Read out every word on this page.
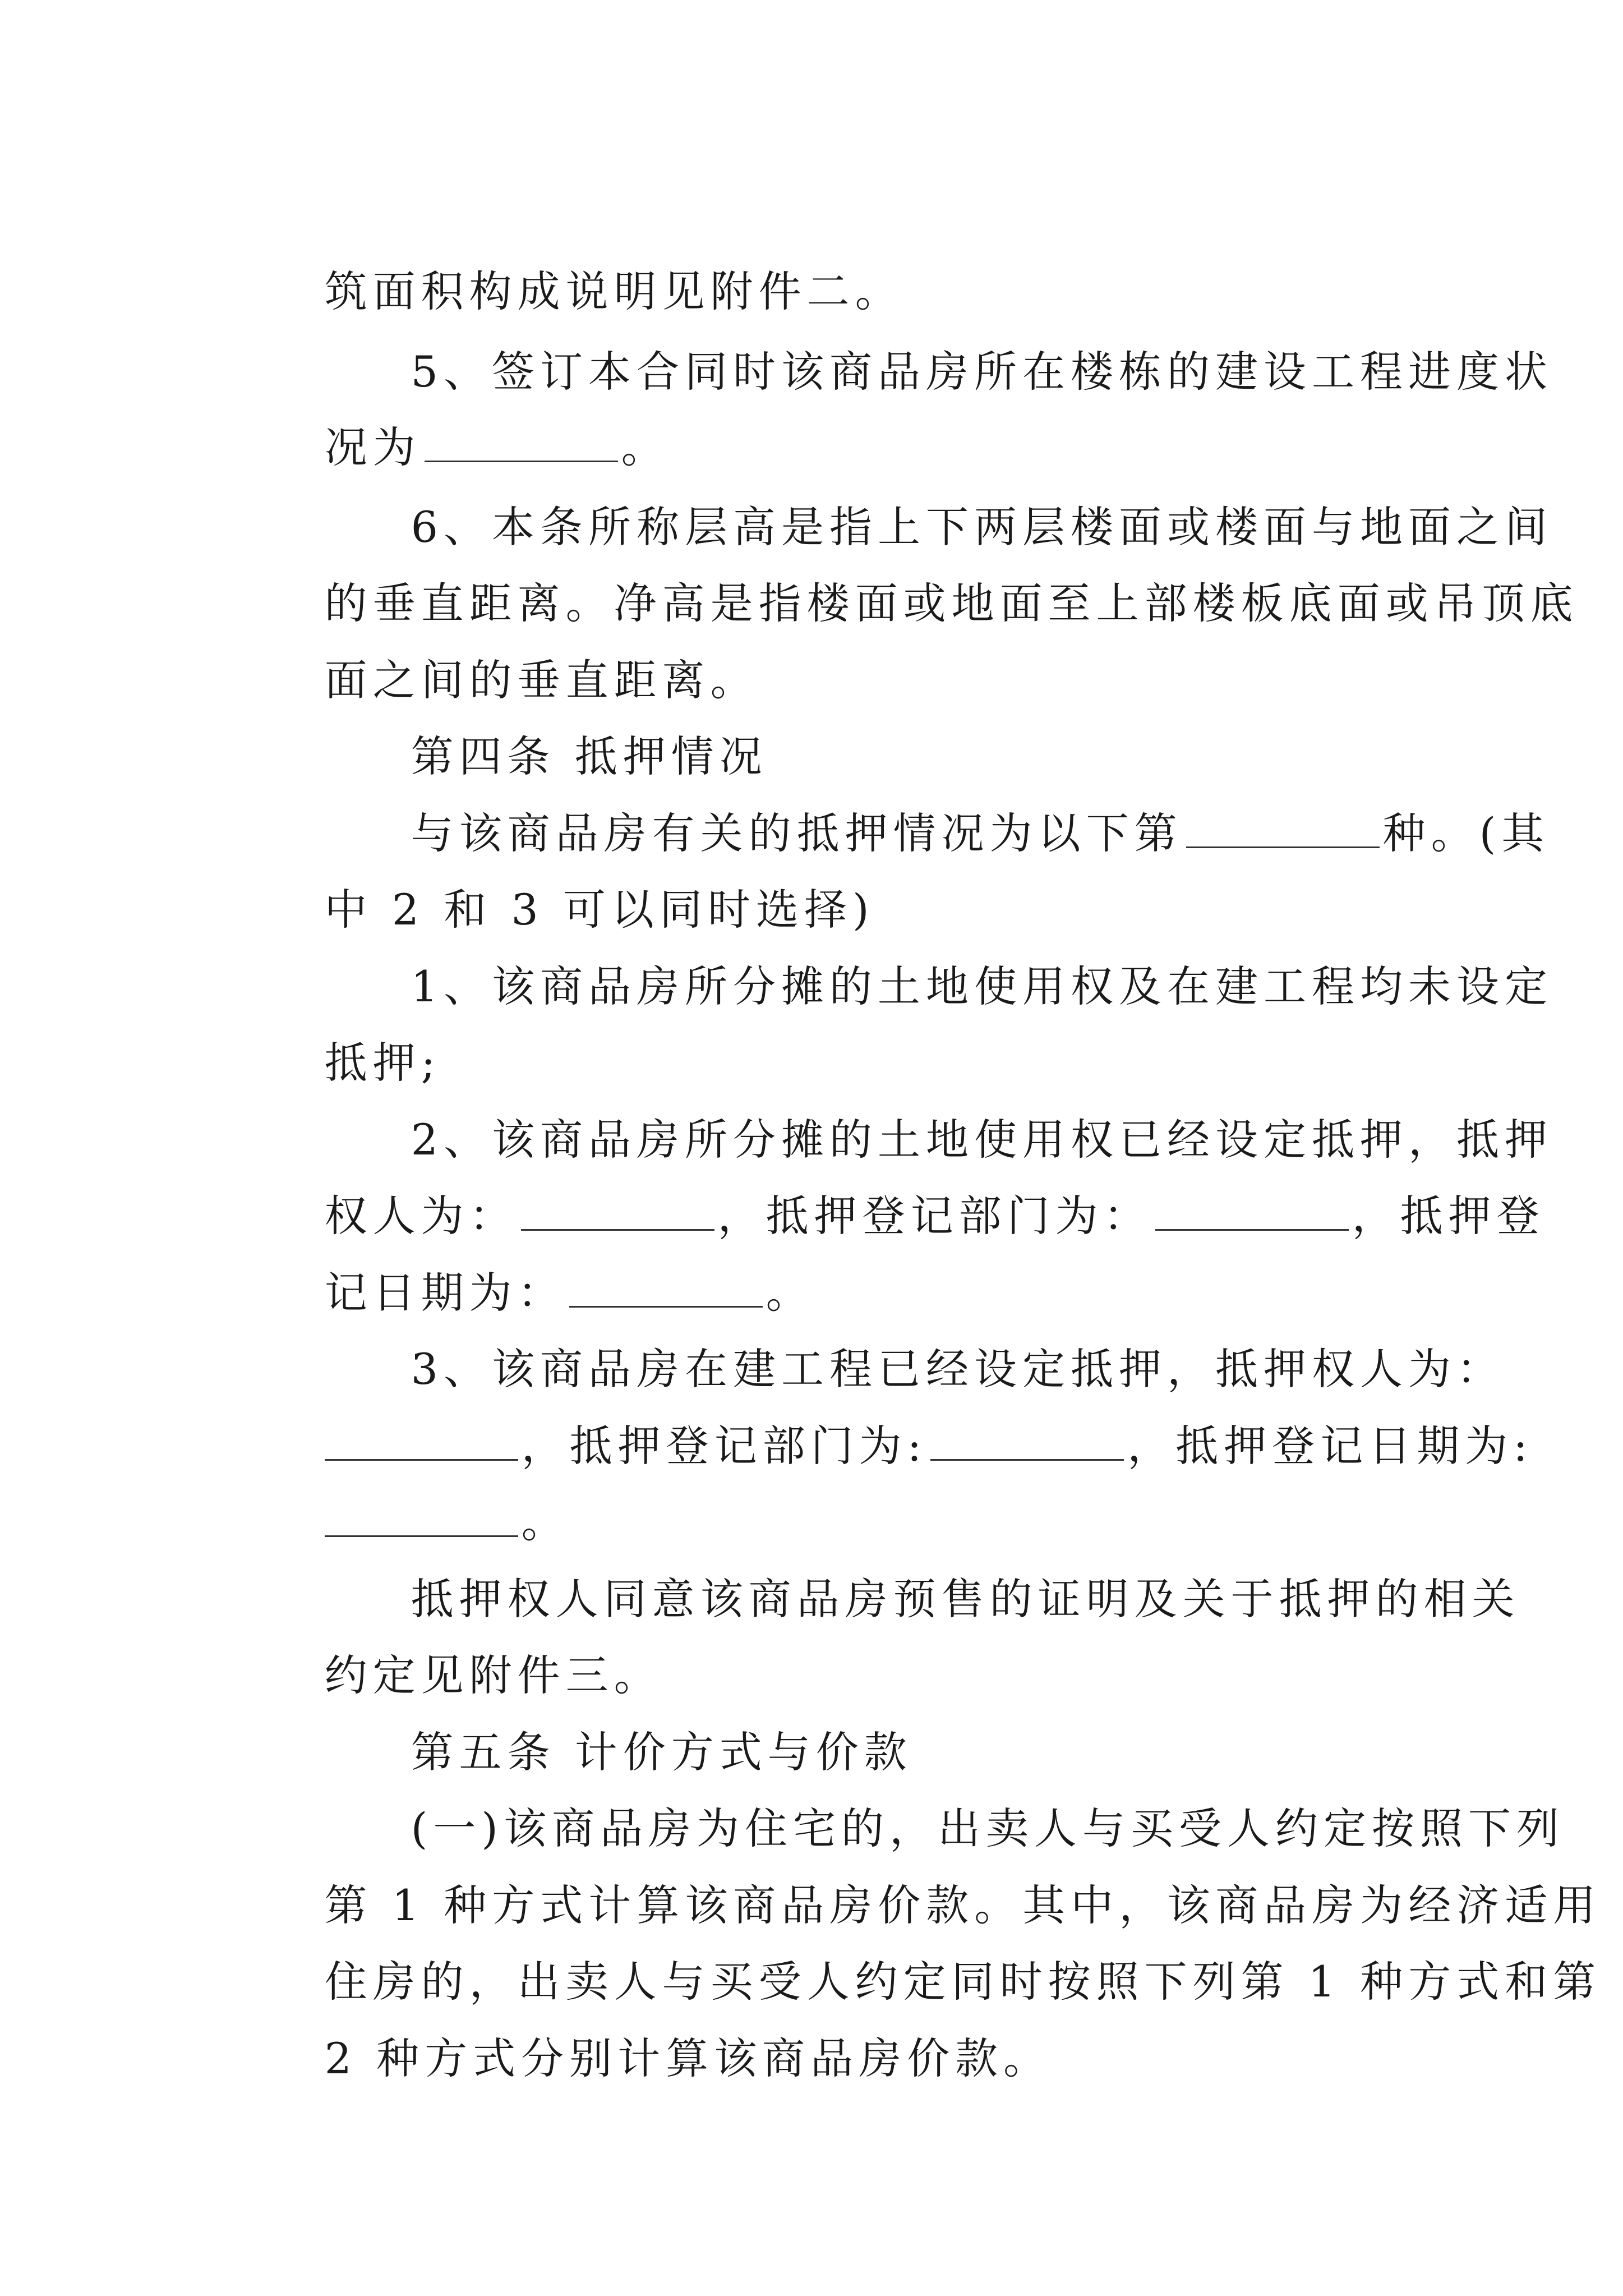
筑面积构成说明见附件二。

5、签订本合同时该商品房所在楼栋的建设工程进度状

况为	。

6、本条所称层高是指上下两层楼面或楼面与地面之间

的垂直距离。净高是指楼面或地面至上部楼板底面或吊顶底

面之间的垂直距离。

第四条 抵押情况

与该商品房有关的抵押情况为以下第	种。(其

中 2 和 3 可以同时选择)

1、该商品房所分摊的土地使用权及在建工程均未设定

抵押;

2、该商品房所分摊的土地使用权已经设定抵押，抵押

权人为：	，抵押登记部门为：	，抵押登

记日期为：	。

3、该商品房在建工程已经设定抵押，抵押权人为：

，抵押登记部门为:	，抵押登记日期为:

。

抵押权人同意该商品房预售的证明及关于抵押的相关

约定见附件三。

第五条 计价方式与价款

(一)该商品房为住宅的，出卖人与买受人约定按照下列

第 1 种方式计算该商品房价款。其中，该商品房为经济适用

住房的，出卖人与买受人约定同时按照下列第 1 种方式和第

2 种方式分别计算该商品房价款。
